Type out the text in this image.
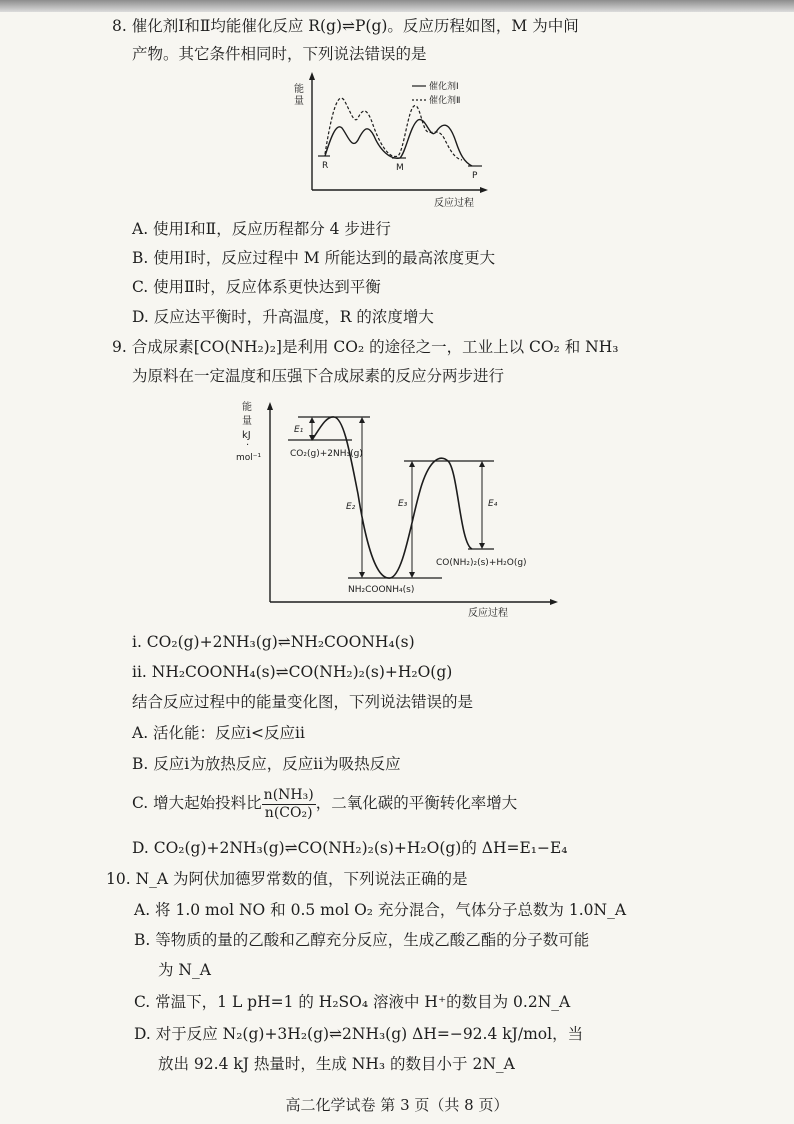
8. 催化剂Ⅰ和Ⅱ均能催化反应 R(g)⇌P(g)。反应历程如图，M 为中间
产物。其它条件相同时，下列说法错误的是
能
量
反应过程
催化剂Ⅰ
催化剂Ⅱ
R	M
P
A. 使用Ⅰ和Ⅱ，反应历程都分 4 步进行
B. 使用Ⅰ时，反应过程中 M 所能达到的最高浓度更大
C. 使用Ⅱ时，反应体系更快达到平衡
D. 反应达平衡时，升高温度，R 的浓度增大
9. 合成尿素[CO(NH₂)₂]是利用 CO₂ 的途径之一，工业上以 CO₂ 和 NH₃
为原料在一定温度和压强下合成尿素的反应分两步进行
能
量
kJ
·
mol⁻¹
反应过程
E₁
E₂	E₃	E₄
CO₂(g)+2NH₃(g)
NH₂COONH₄(s)
CO(NH₂)₂(s)+H₂O(g)
ⅰ. CO₂(g)+2NH₃(g)⇌NH₂COONH₄(s)
ⅱ. NH₂COONH₄(s)⇌CO(NH₂)₂(s)+H₂O(g)
结合反应过程中的能量变化图，下列说法错误的是
A. 活化能：反应ⅰ<反应ⅱ
B. 反应ⅰ为放热反应，反应ⅱ为吸热反应
C. 增大起始投料比 $\frac{\text{n(NH₃)}}{\text{n(CO₂)}}$ ，二氧化碳的平衡转化率增大
D. CO₂(g)+2NH₃(g)⇌CO(NH₂)₂(s)+H₂O(g)的 ΔH=E₁−E₄
10. N_A 为阿伏加德罗常数的值，下列说法正确的是
A. 将 1.0 mol NO 和 0.5 mol O₂ 充分混合，气体分子总数为 1.0N_A
B. 等物质的量的乙酸和乙醇充分反应，生成乙酸乙酯的分子数可能
为 N_A
C. 常温下，1 L pH=1 的 H₂SO₄ 溶液中 H⁺的数目为 0.2N_A
D. 对于反应 N₂(g)+3H₂(g)⇌2NH₃(g) ΔH=−92.4 kJ/mol，当
放出 92.4 kJ 热量时，生成 NH₃ 的数目小于 2N_A
高二化学试卷 第 3 页（共 8 页）
